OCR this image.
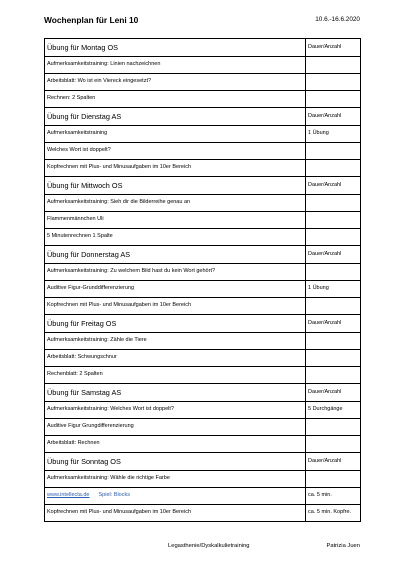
Wochenplan für Leni 10	10.6.-16.6.2020
Übung für Montag OS	Dauer/Anzahl
Aufmerksamkeitstraining: Linien nachzeichnen	
Arbeitsblatt: Wo ist ein Viereck eingesetzt?	
Rechnen: 2 Spalten	
Übung für Dienstag AS	Dauer/Anzahl
Aufmerksamkeitstraining	1 Übung
Welches Wort ist doppelt?	
Kopfrechnen mit Plus- und Minusaufgaben im 10er Bereich	
Übung für Mittwoch OS	Dauer/Anzahl
Aufmerksamkeitstraining: Sieh dir die Bilderreihe genau an	
Flammenmännchen Uli	
5 Minutenrechnen 1 Spalte	
Übung für Donnerstag AS	Dauer/Anzahl
Aufmerksamkeitstraining: Zu welchem Bild hast du kein Wort gehört?	
Auditive Figur-Grunddifferenzierung	1 Übung
Kopfrechnen mit Plus- und Minusaufgaben im 10er Bereich	
Übung für Freitag OS	Dauer/Anzahl
Aufmerksamkeitstraining: Zähle die Tiere	
Arbeitsblatt: Schwungschnur	
Rechenblatt: 2 Spalten	
Übung für Samstag AS	Dauer/Anzahl
Aufmerksamkeitstraining: Welches Wort ist doppelt?	5 Durchgänge
Auditive Figur Grungdifferenzierung	
Arbeitsblatt: Rechnen	
Übung für Sonntag OS	Dauer/Anzahl
Aufmerksamkeitstraining: Wähle die richtige Farbe	
www.intellecta.de Spiel: Blocks	ca. 5 min.
Kopfrechnen mit Plus- und Minusaufgaben im 10er Bereich	ca. 5 min. Kopfre.
Legasthenie/Dyskalkulietraining	Patrizia Juen
